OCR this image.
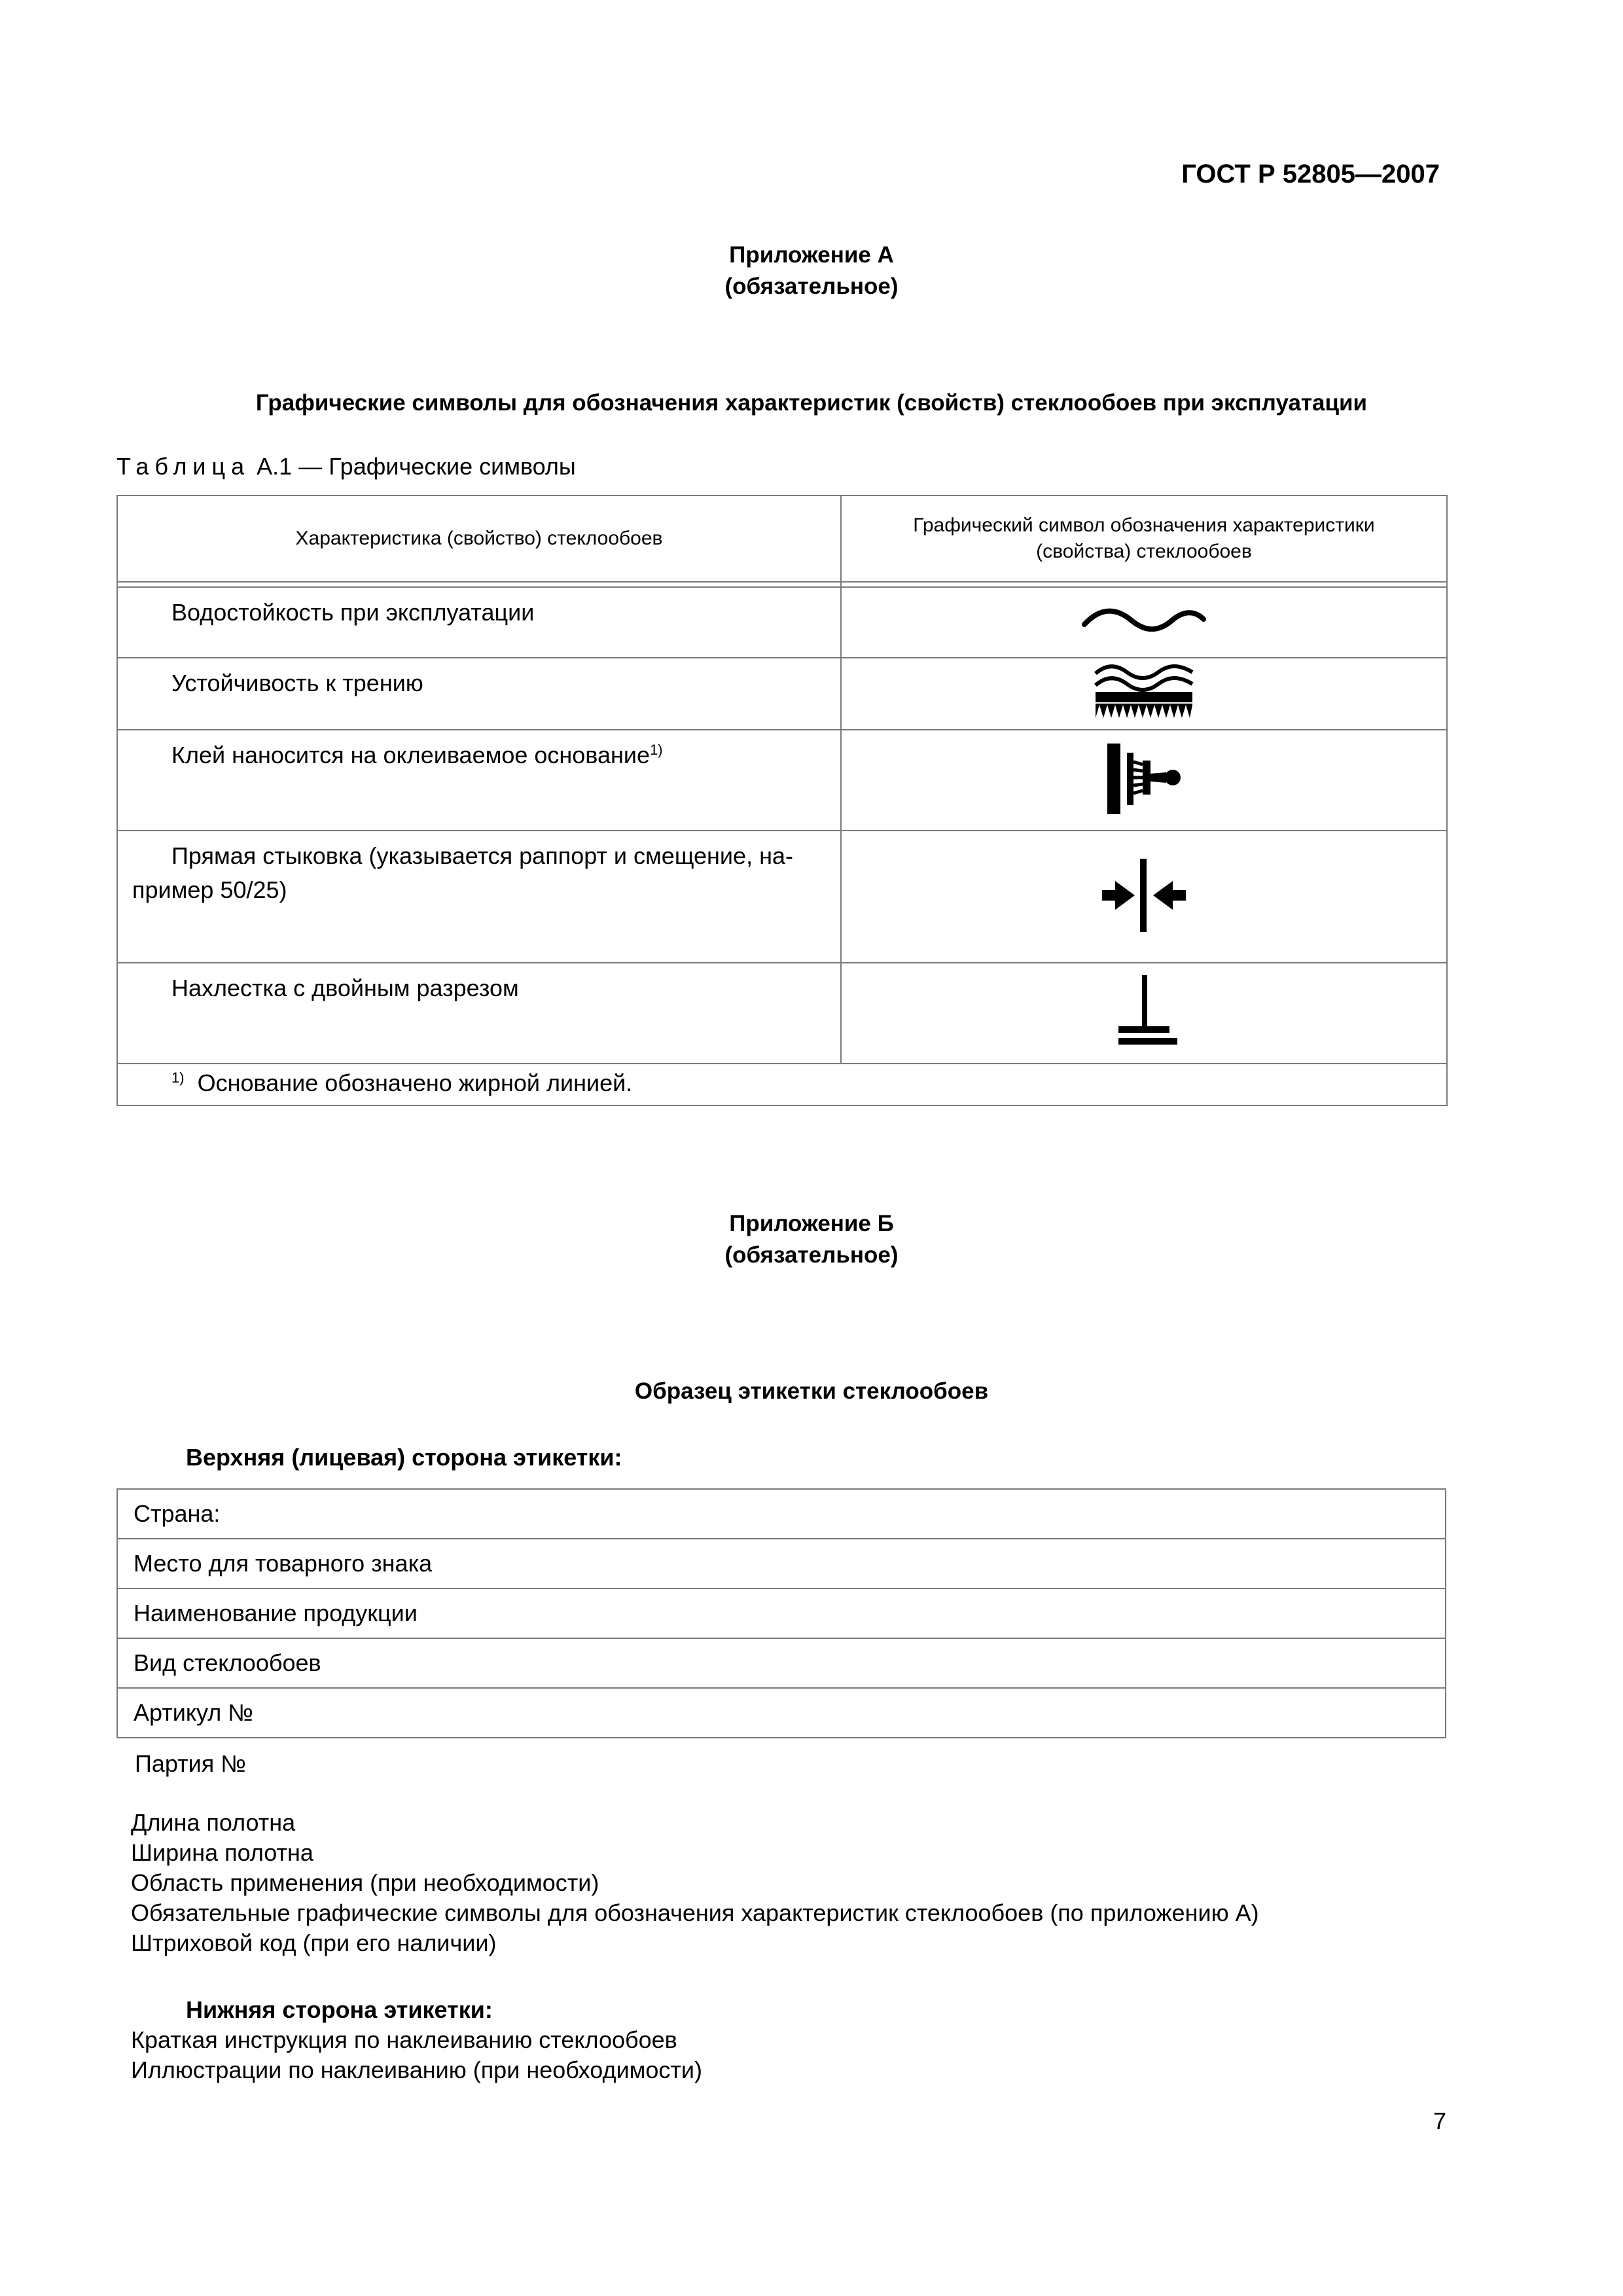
ГОСТ Р 52805—2007
Приложение А
(обязательное)
Графические символы для обозначения характеристик (свойств) стеклообоев при эксплуатации
Таблица А.1 — Графические символы
Характеристика (свойство) стеклообоев	Графический символ обозначения характеристики (свойства) стеклообоев

Водостойкость при эксплуатации	
Устойчивость к трению	
Клей наносится на оклеиваемое основание$^{1)}$	
Прямая стыковка (указывается раппорт и смещение, на-пример 50/25)	
Нахлестка с двойным разрезом	
$^{1)}$ Основание обозначено жирной линией.	
Приложение Б
(обязательное)
Образец этикетки стеклообоев
Верхняя (лицевая) сторона этикетки:
Страна:
Место для товарного знака
Наименование продукции
Вид стеклообоев
Артикул №
Партия №
Длина полотна
Ширина полотна
Область применения (при необходимости)
Обязательные графические символы для обозначения характеристик стеклообоев (по приложению А)
Штриховой код (при его наличии)
Нижняя сторона этикетки:
Краткая инструкция по наклеиванию стеклообоев
Иллюстрации по наклеиванию (при необходимости)
7
